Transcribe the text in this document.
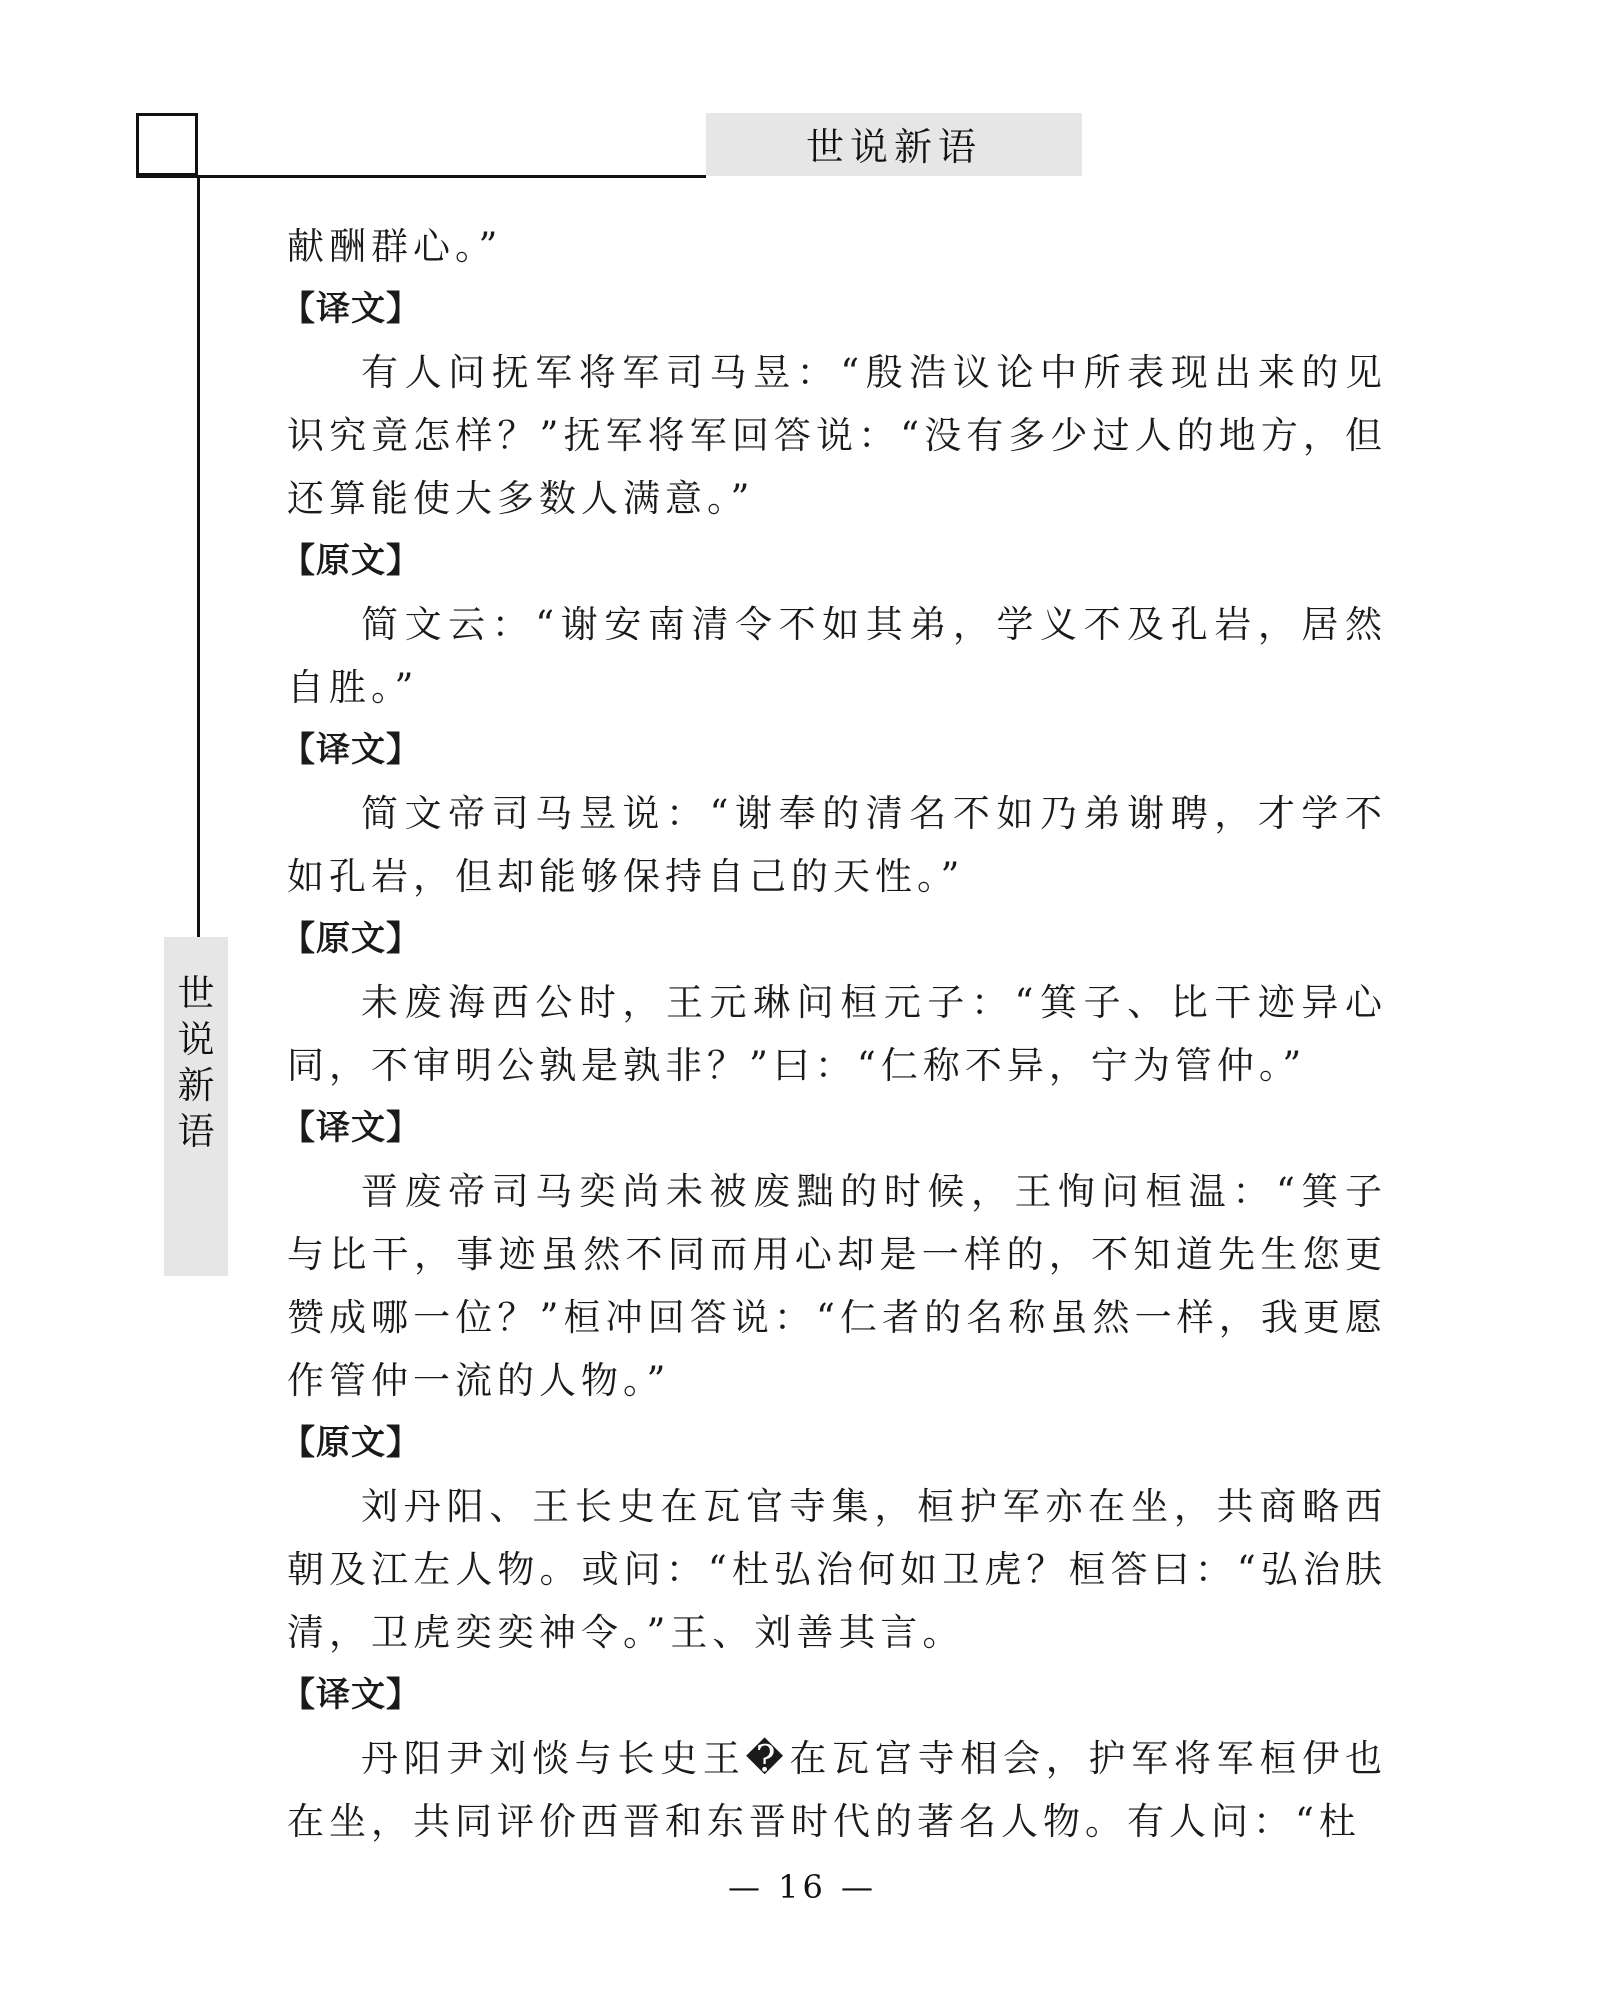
世说新语
世
说
新
语

献酬群心。”

【译文】

有人问抚军将军司马昱：“殷浩议论中所表现出来的见识究竟怎样？”抚军将军回答说：“没有多少过人的地方，但还算能使大多数人满意。”

【原文】

简文云：“谢安南清令不如其弟，学义不及孔岩，居然自胜。”

【译文】

简文帝司马昱说：“谢奉的清名不如乃弟谢聘，才学不如孔岩，但却能够保持自己的天性。”

【原文】

未废海西公时，王元琳问桓元子：“箕子、比干迹异心同，不审明公孰是孰非？”曰：“仁称不异，宁为管仲。”

【译文】

晋废帝司马奕尚未被废黜的时候，王恂问桓温：“箕子与比干，事迹虽然不同而用心却是一样的，不知道先生您更赞成哪一位？”桓冲回答说：“仁者的名称虽然一样，我更愿作管仲一流的人物。”

【原文】

刘丹阳、王长史在瓦官寺集，桓护军亦在坐，共商略西朝及江左人物。或问：“杜弘治何如卫虎？桓答曰：“弘治肤清，卫虎奕奕神令。”王、刘善其言。

【译文】

丹阳尹刘惔与长史王�在瓦宫寺相会，护军将军桓伊也在坐，共同评价西晋和东晋时代的著名人物。有人问：“杜

— 16 —
